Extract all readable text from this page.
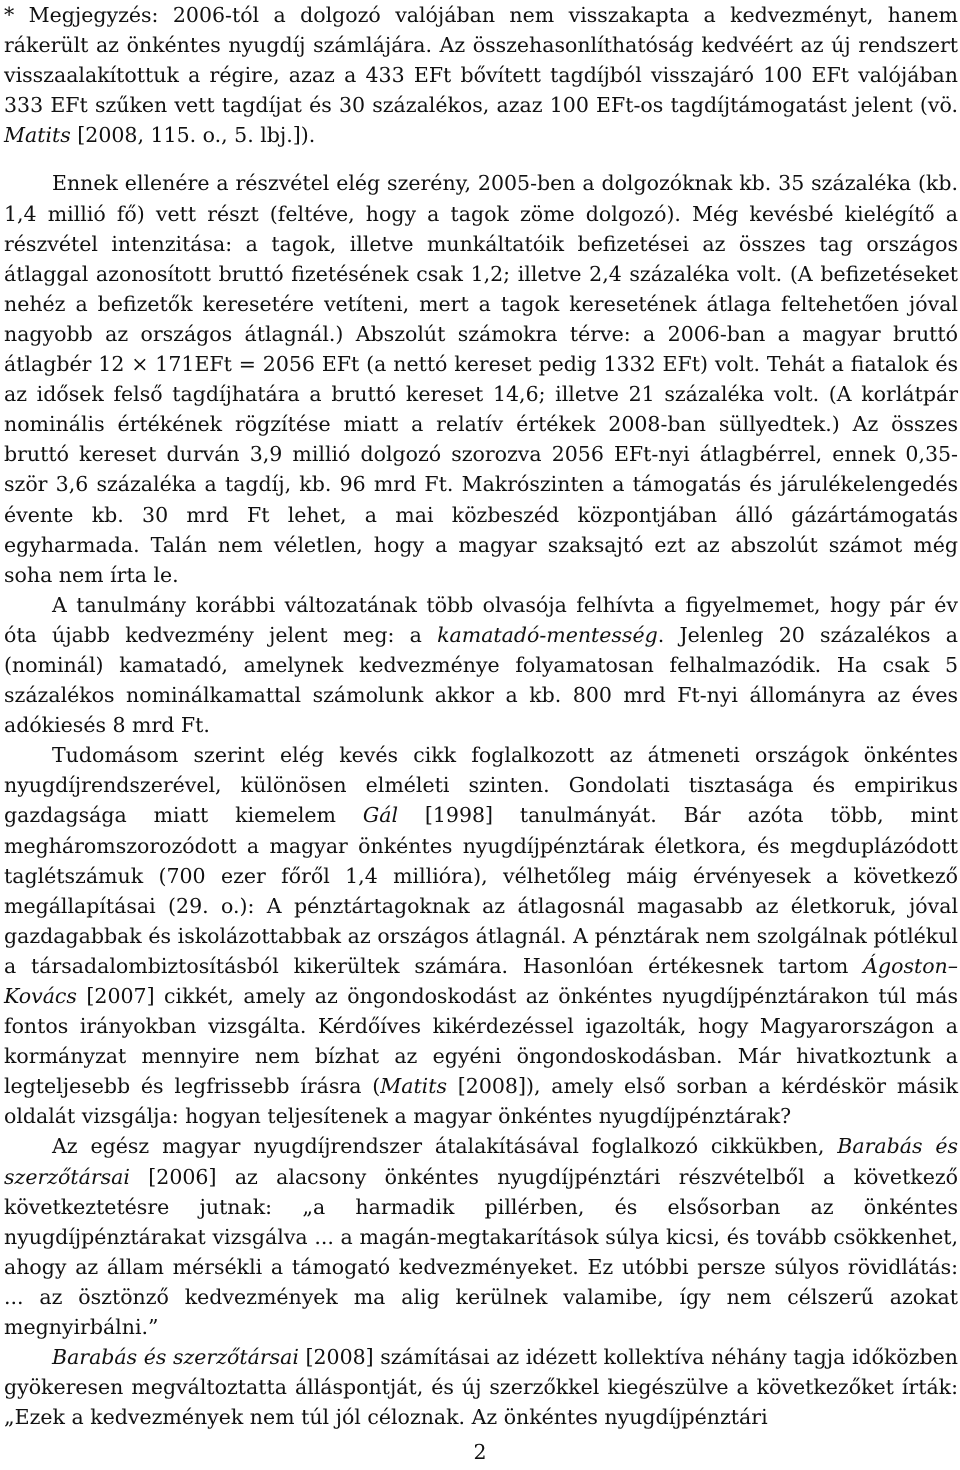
* Megjegyzés: 2006-tól a dolgozó valójában nem visszakapta a kedvezményt, hanem rákerült az önkéntes nyugdíj számlájára. Az összehasonlíthatóság kedvéért az új rendszert visszaalakítottuk a régire, azaz a 433 EFt bővített tagdíjból visszajáró 100 EFt valójában 333 EFt szűken vett tagdíjat és 30 százalékos, azaz 100 EFt-os tagdíjtámogatást jelent (vö. Matits [2008, 115. o., 5. lbj.]).

Ennek ellenére a részvétel elég szerény, 2005-ben a dolgozóknak kb. 35 százaléka (kb. 1,4 millió fő) vett részt (feltéve, hogy a tagok zöme dolgozó). Még kevésbé kielégítő a részvétel intenzitása: a tagok, illetve munkáltatóik befizetései az összes tag országos átlaggal azonosított bruttó fizetésének csak 1,2; illetve 2,4 százaléka volt. (A befizetéseket nehéz a befizetők keresetére vetíteni, mert a tagok keresetének átlaga feltehetően jóval nagyobb az országos átlagnál.) Abszolút számokra térve: a 2006-ban a magyar bruttó átlagbér 12 × 171EFt = 2056 EFt (a nettó kereset pedig 1332 EFt) volt. Tehát a fiatalok és az idősek felső tagdíjhatára a bruttó kereset 14,6; illetve 21 százaléka volt. (A korlátpár nominális értékének rögzítése miatt a relatív értékek 2008-ban süllyedtek.) Az összes bruttó kereset durván 3,9 millió dolgozó szorozva 2056 EFt-nyi átlagbérrel, ennek 0,35-ször 3,6 százaléka a tagdíj, kb. 96 mrd Ft. Makrószinten a támogatás és járulékelengedés évente kb. 30 mrd Ft lehet, a mai közbeszéd központjában álló gázártámogatás egyharmada. Talán nem véletlen, hogy a magyar szaksajtó ezt az abszolút számot még soha nem írta le.

A tanulmány korábbi változatának több olvasója felhívta a figyelmemet, hogy pár év óta újabb kedvezmény jelent meg: a kamatadó-mentesség. Jelenleg 20 százalékos a (nominál) kamatadó, amelynek kedvezménye folyamatosan felhalmazódik. Ha csak 5 százalékos nominálkamattal számolunk akkor a kb. 800 mrd Ft-nyi állományra az éves adókiesés 8 mrd Ft.

Tudomásom szerint elég kevés cikk foglalkozott az átmeneti országok önkéntes nyugdíjrendszerével, különösen elméleti szinten. Gondolati tisztasága és empirikus gazdagsága miatt kiemelem Gál [1998] tanulmányát. Bár azóta több, mint megháromszorozódott a magyar önkéntes nyugdíjpénztárak életkora, és megduplázódott taglétszámuk (700 ezer főről 1,4 millióra), vélhetőleg máig érvényesek a következő megállapításai (29. o.): A pénztártagoknak az átlagosnál magasabb az életkoruk, jóval gazdagabbak és iskolázottabbak az országos átlagnál. A pénztárak nem szolgálnak pótlékul a társadalombiztosításból kikerültek számára. Hasonlóan értékesnek tartom Ágoston–Kovács [2007] cikkét, amely az öngondoskodást az önkéntes nyugdíjpénztárakon túl más fontos irányokban vizsgálta. Kérdőíves kikérdezéssel igazolták, hogy Magyarországon a kormányzat mennyire nem bízhat az egyéni öngondoskodásban. Már hivatkoztunk a legteljesebb és legfrissebb írásra (Matits [2008]), amely első sorban a kérdéskör másik oldalát vizsgálja: hogyan teljesítenek a magyar önkéntes nyugdíjpénztárak?

Az egész magyar nyugdíjrendszer átalakításával foglalkozó cikkükben, Barabás és szerzőtársai [2006] az alacsony önkéntes nyugdíjpénztári részvételből a következő következtetésre jutnak: „a harmadik pillérben, és elsősorban az önkéntes nyugdíjpénztárakat vizsgálva ... a magán-megtakarítások súlya kicsi, és tovább csökkenhet, ahogy az állam mérsékli a támogató kedvezményeket. Ez utóbbi persze súlyos rövidlátás: ... az ösztönző kedvezmények ma alig kerülnek valamibe, így nem célszerű azokat megnyirbálni.”

Barabás és szerzőtársai [2008] számításai az idézett kollektíva néhány tagja időközben gyökeresen megváltoztatta álláspontját, és új szerzőkkel kiegészülve a következőket írták: „Ezek a kedvezmények nem túl jól céloznak. Az önkéntes nyugdíjpénztári

2
